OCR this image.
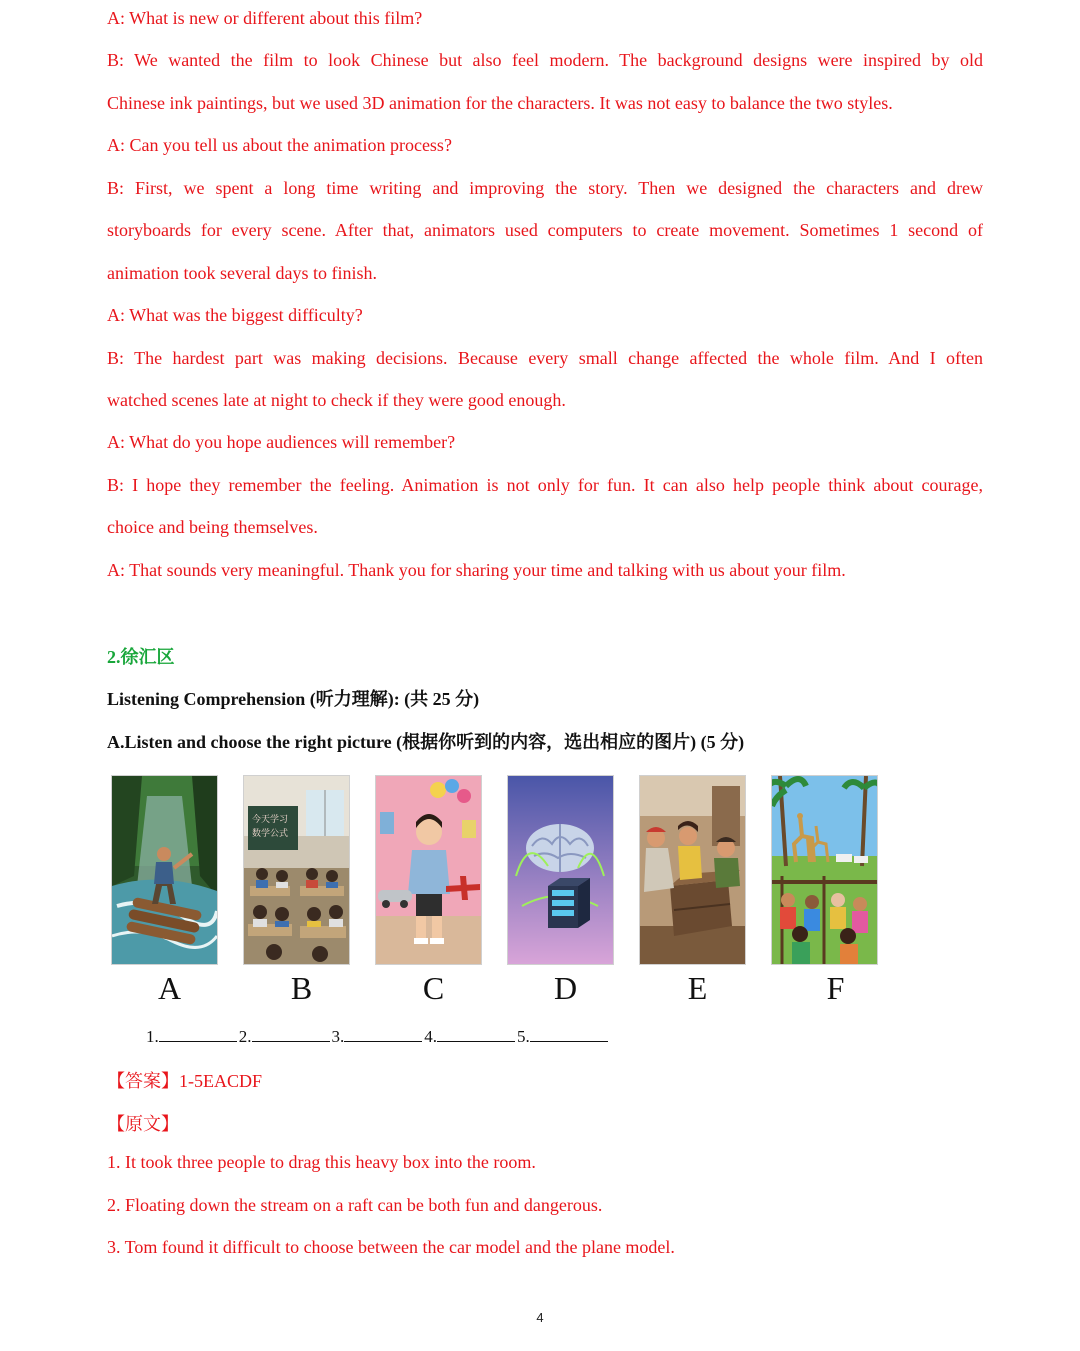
A: What is new or different about this film?
B: We wanted the film to look Chinese but also feel modern. The background designs were inspired by old
Chinese ink paintings, but we used 3D animation for the characters. It was not easy to balance the two styles.
A: Can you tell us about the animation process?
B: First, we spent a long time writing and improving the story. Then we designed the characters and drew
storyboards for every scene. After that, animators used computers to create movement. Sometimes 1 second of
animation took several days to finish.
A: What was the biggest difficulty?
B: The hardest part was making decisions. Because every small change affected the whole film. And I often
watched scenes late at night to check if they were good enough.
A: What do you hope audiences will remember?
B: I hope they remember the feeling. Animation is not only for fun. It can also help people think about courage,
choice and being themselves.
A: That sounds very meaningful. Thank you for sharing your time and talking with us about your film.
2.徐汇区
Listening Comprehension (听力理解): (共 25 分)
A.Listen and choose the right picture (根据你听到的内容，选出相应的图片) (5 分)
A
今天学习
数学公式
B	C	D	E	F
1.	2.	3.	4.	5.
【答案】1-5EACDF
【原文】
1. It took three people to drag this heavy box into the room.
2. Floating down the stream on a raft can be both fun and dangerous.
3. Tom found it difficult to choose between the car model and the plane model.
4
